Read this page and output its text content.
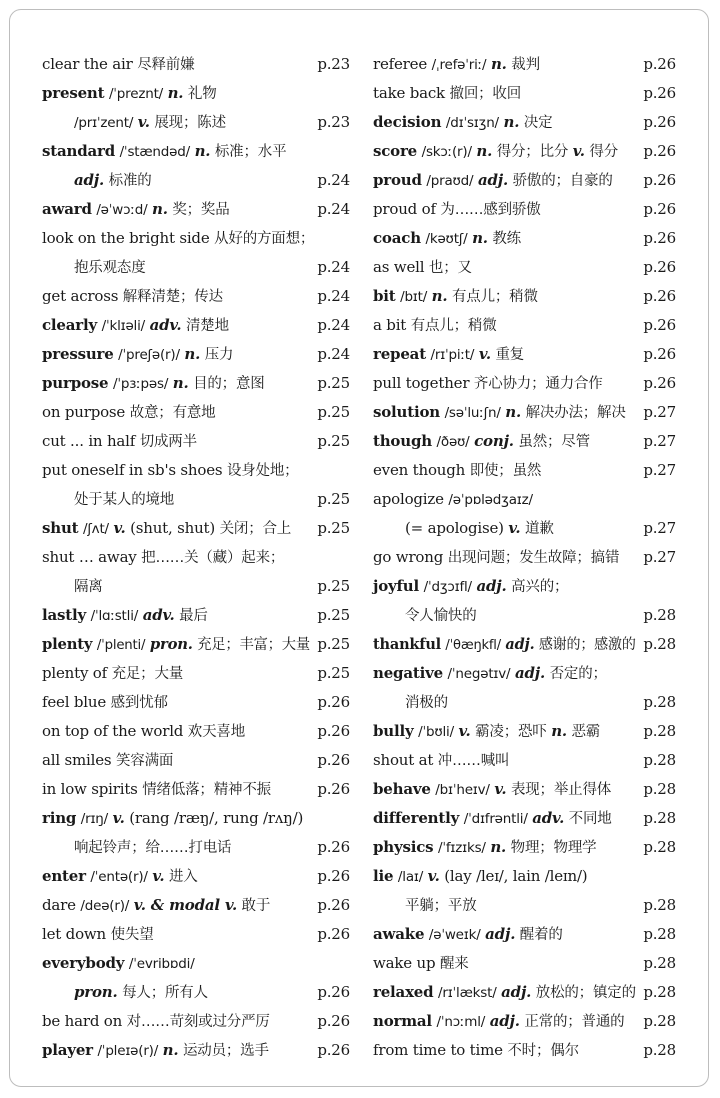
clear the air 尽释前嫌	p.23
present /ˈpreznt/ n. 礼物
/prɪˈzent/ v. 展现；陈述	p.23
standard /ˈstændəd/ n. 标准；水平
adj. 标准的	p.24
award /əˈwɔːd/ n. 奖；奖品	p.24
look on the bright side 从好的方面想；
抱乐观态度	p.24
get across 解释清楚；传达	p.24
clearly /ˈklɪəli/ adv. 清楚地	p.24
pressure /ˈpreʃə(r)/ n. 压力	p.24
purpose /ˈpɜːpəs/ n. 目的；意图	p.25
on purpose 故意；有意地	p.25
cut ... in half 切成两半	p.25
put oneself in sb's shoes 设身处地；
处于某人的境地	p.25
shut /ʃʌt/ v. (shut, shut) 关闭；合上 p.25
shut … away 把……关（藏）起来；
隔离	p.25
lastly /ˈlɑːstli/ adv. 最后	p.25
plenty /ˈplenti/ pron. 充足；丰富；大量 p.25
plenty of 充足；大量	p.25
feel blue 感到忧郁	p.26
on top of the world 欢天喜地	p.26
all smiles 笑容满面	p.26
in low spirits 情绪低落；精神不振	p.26
ring /rɪŋ/ v. (rang /ræŋ/, rung /rʌŋ/)
响起铃声；给……打电话	p.26
enter /ˈentə(r)/ v. 进入	p.26
dare /deə(r)/ v. & modal v. 敢于	p.26
let down 使失望	p.26
everybody /ˈevribɒdi/
pron. 每人；所有人	p.26
be hard on 对……苛刻或过分严厉	p.26
player /ˈpleɪə(r)/ n. 运动员；选手	p.26
referee /ˌrefəˈriː/ n. 裁判	p.26
take back 撤回；收回	p.26
decision /dɪˈsɪʒn/ n. 决定	p.26
score /skɔː(r)/ n. 得分；比分 v. 得分 p.26
proud /praʊd/ adj. 骄傲的；自豪的 p.26
proud of 为……感到骄傲	p.26
coach /kəʊtʃ/ n. 教练	p.26
as well 也；又	p.26
bit /bɪt/ n. 有点儿；稍微	p.26
a bit 有点儿；稍微	p.26
repeat /rɪˈpiːt/ v. 重复	p.26
pull together 齐心协力；通力合作	p.26
solution /səˈluːʃn/ n. 解决办法；解决 p.27
though /ðəʊ/ conj. 虽然；尽管	p.27
even though 即使；虽然	p.27
apologize /əˈpɒlədʒaɪz/
(= apologise) v. 道歉	p.27
go wrong 出现问题；发生故障；搞错 p.27
joyful /ˈdʒɔɪfl/ adj. 高兴的；
令人愉快的	p.28
thankful /ˈθæŋkfl/ adj. 感谢的；感激的 p.28
negative /ˈnegətɪv/ adj. 否定的；
消极的	p.28
bully /ˈbʊli/ v. 霸凌；恐吓 n. 恶霸	p.28
shout at 冲……喊叫	p.28
behave /bɪˈheɪv/ v. 表现；举止得体 p.28
differently /ˈdɪfrəntli/ adv. 不同地 p.28
physics /ˈfɪzɪks/ n. 物理；物理学	p.28
lie /laɪ/ v. (lay /leɪ/, lain /leɪn/)
平躺；平放	p.28
awake /əˈweɪk/ adj. 醒着的	p.28
wake up 醒来	p.28
relaxed /rɪˈlækst/ adj. 放松的；镇定的 p.28
normal /ˈnɔːml/ adj. 正常的；普通的 p.28
from time to time 不时；偶尔	p.28
